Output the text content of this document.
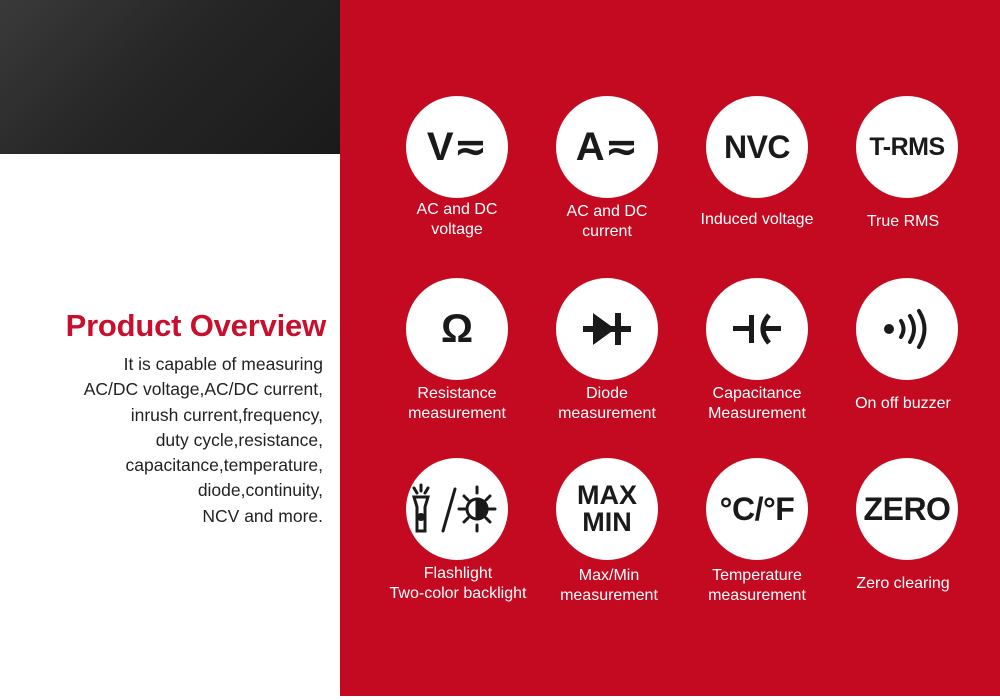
Product Overview
It is capable of measuring
AC/DC voltage,AC/DC current,
inrush current,frequency,
duty cycle,resistance,
capacitance,temperature,
diode,continuity,
NCV and more.
V≂
AC and DC
voltage
A≂
AC and DC
current
NVC
Induced voltage
T-RMS
True RMS
Ω
Resistance
measurement
Diode
measurement
Capacitance
Measurement
On off buzzer
Flashlight
Two-color backlight
MAX
MIN
Max/Min
measurement
°C/°F
Temperature
measurement
ZERO
Zero clearing
